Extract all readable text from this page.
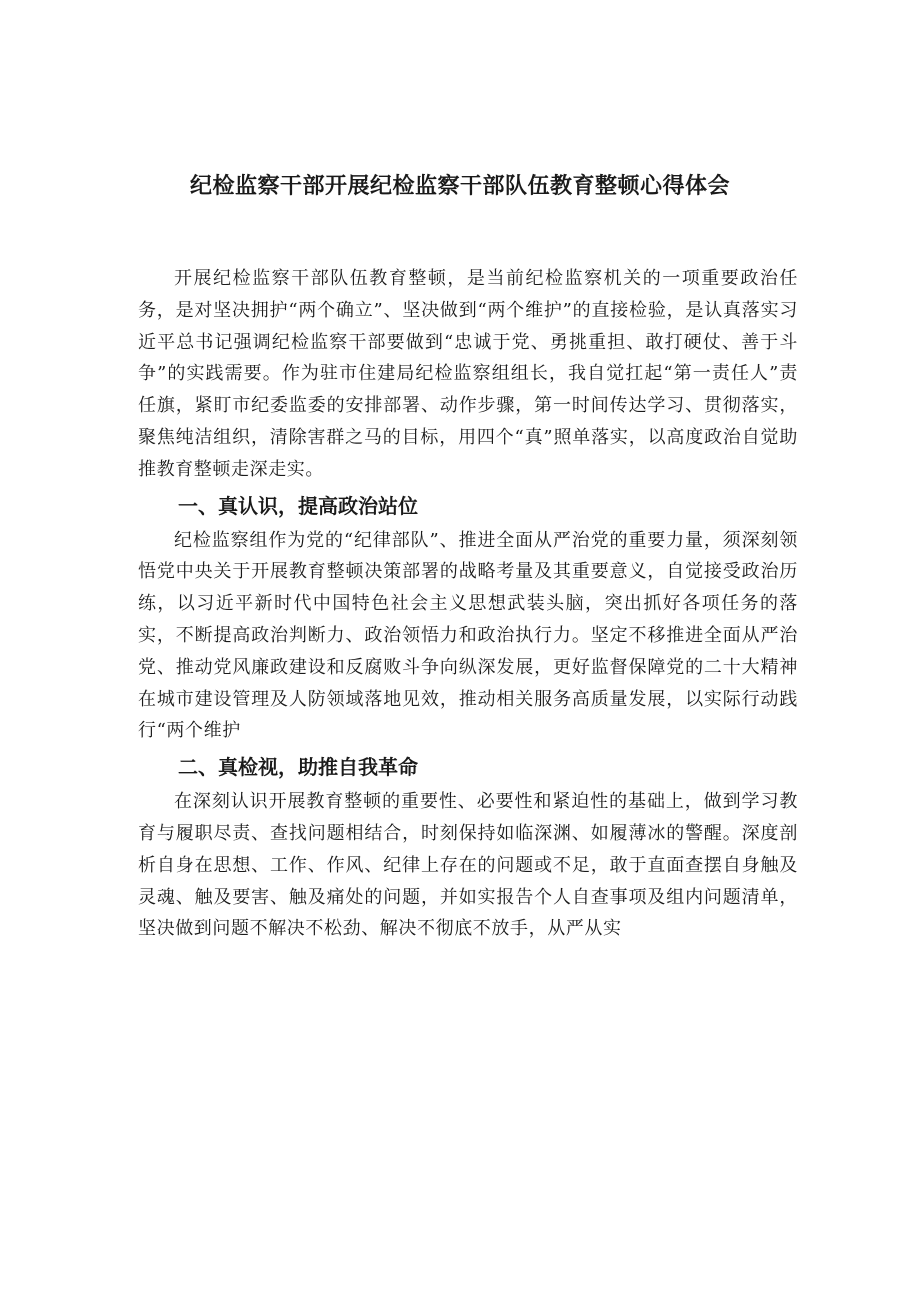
纪检监察干部开展纪检监察干部队伍教育整顿心得体会

开展纪检监察干部队伍教育整顿，是当前纪检监察机关的一项重要政治任务，是对坚决拥护“两个确立”、坚决做到“两个维护”的直接检验，是认真落实习近平总书记强调纪检监察干部要做到“忠诚于党、勇挑重担、敢打硬仗、善于斗争”的实践需要。作为驻市住建局纪检监察组组长，我自觉扛起“第一责任人”责任旗，紧盯市纪委监委的安排部署、动作步骤，第一时间传达学习、贯彻落实，聚焦纯洁组织，清除害群之马的目标，用四个“真”照单落实，以高度政治自觉助推教育整顿走深走实。

一、真认识，提高政治站位

纪检监察组作为党的“纪律部队”、推进全面从严治党的重要力量，须深刻领悟党中央关于开展教育整顿决策部署的战略考量及其重要意义，自觉接受政治历练，以习近平新时代中国特色社会主义思想武装头脑，突出抓好各项任务的落实，不断提高政治判断力、政治领悟力和政治执行力。坚定不移推进全面从严治党、推动党风廉政建设和反腐败斗争向纵深发展，更好监督保障党的二十大精神在城市建设管理及人防领域落地见效，推动相关服务高质量发展，以实际行动践行“两个维护

二、真检视，助推自我革命

在深刻认识开展教育整顿的重要性、必要性和紧迫性的基础上，做到学习教育与履职尽责、查找问题相结合，时刻保持如临深渊、如履薄冰的警醒。深度剖析自身在思想、工作、作风、纪律上存在的问题或不足，敢于直面查摆自身触及灵魂、触及要害、触及痛处的问题，并如实报告个人自查事项及组内问题清单，坚决做到问题不解决不松劲、解决不彻底不放手，从严从实
